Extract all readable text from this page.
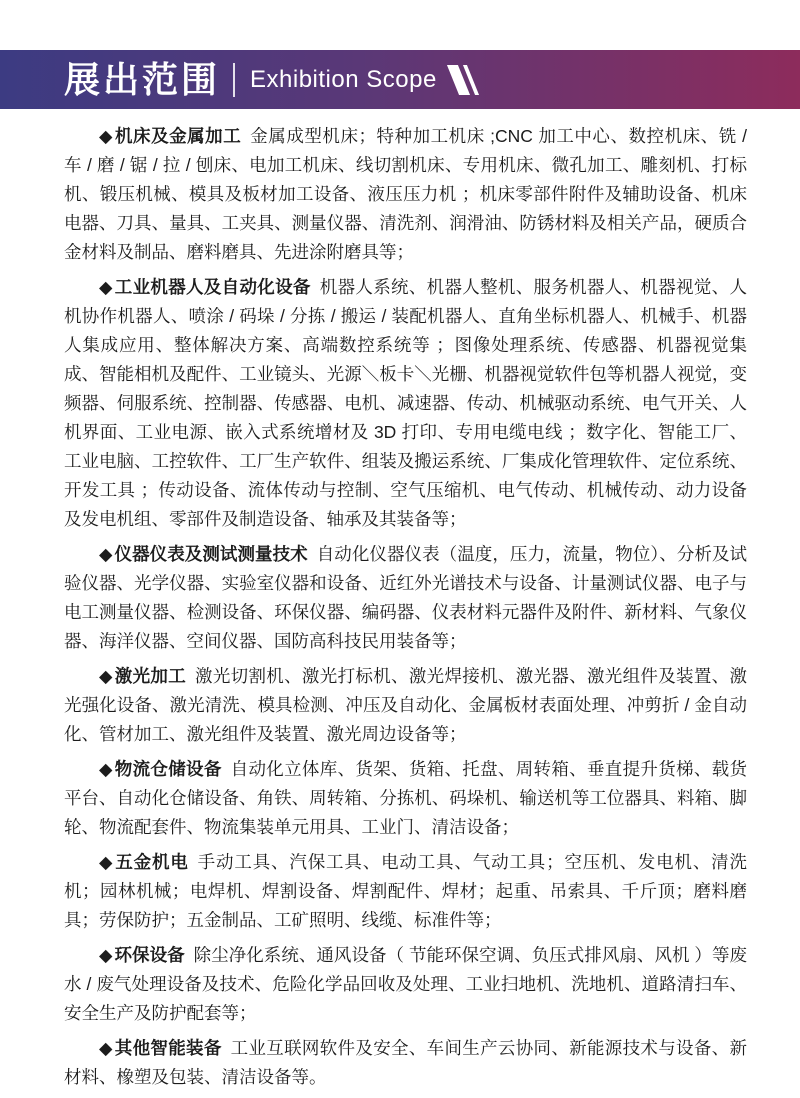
展出范围 Exhibition Scope

◆ 机床及金属加工 金属成型机床；特种加工机床 ;CNC 加工中心、数控机床、铣 / 车 / 磨 / 锯 / 拉 / 刨床、电加工机床、线切割机床、专用机床、微孔加工、雕刻机、打标机、锻压机械、模具及板材加工设备、液压压力机 ；机床零部件附件及辅助设备、机床电器、刀具、量具、工夹具、测量仪器、清洗剂、润滑油、防锈材料及相关产品，硬质合金材料及制品、磨料磨具、先进涂附磨具等；

◆ 工业机器人及自动化设备 机器人系统、机器人整机、服务机器人、机器视觉、人机协作机器人、喷涂 / 码垛 / 分拣 / 搬运 / 装配机器人、直角坐标机器人、机械手、机器人集成应用、整体解决方案、高端数控系统等 ；图像处理系统、传感器、机器视觉集成、智能相机及配件、工业镜头、光源＼板卡＼光栅、机器视觉软件包等机器人视觉，变频器、伺服系统、控制器、传感器、电机、减速器、传动、机械驱动系统、电气开关、人机界面、工业电源、嵌入式系统增材及 3D 打印、专用电缆电线 ；数字化、智能工厂、工业电脑、工控软件、工厂生产软件、组装及搬运系统、厂集成化管理软件、定位系统、开发工具 ；传动设备、流体传动与控制、空气压缩机、电气传动、机械传动、动力设备及发电机组、零部件及制造设备、轴承及其装备等；

◆ 仪器仪表及测试测量技术 自动化仪器仪表（温度，压力，流量，物位）、分析及试验仪器、光学仪器、实验室仪器和设备、近红外光谱技术与设备、计量测试仪器、电子与电工测量仪器、检测设备、环保仪器、编码器、仪表材料元器件及附件、新材料、气象仪器、海洋仪器、空间仪器、国防高科技民用装备等；

◆ 激光加工 激光切割机、激光打标机、激光焊接机、激光器、激光组件及装置、激光强化设备、激光清洗、模具检测、冲压及自动化、金属板材表面处理、冲剪折 / 金自动化、管材加工、激光组件及装置、激光周边设备等；

◆ 物流仓储设备 自动化立体库、货架、货箱、托盘、周转箱、垂直提升货梯、载货平台、自动化仓储设备、角铁、周转箱、分拣机、码垛机、输送机等工位器具、料箱、脚轮、物流配套件、物流集装单元用具、工业门、清洁设备；

◆ 五金机电 手动工具、汽保工具、电动工具、气动工具；空压机、发电机、清洗机；园林机械；电焊机、焊割设备、焊割配件、焊材；起重、吊索具、千斤顶；磨料磨具；劳保防护；五金制品、工矿照明、线缆、标准件等；

◆ 环保设备 除尘净化系统、通风设备（ 节能环保空调、负压式排风扇、风机 ）等废水 / 废气处理设备及技术、危险化学品回收及处理、工业扫地机、洗地机、道路清扫车、安全生产及防护配套等；

◆ 其他智能装备 工业互联网软件及安全、车间生产云协同、新能源技术与设备、新材料、橡塑及包装、清洁设备等。
